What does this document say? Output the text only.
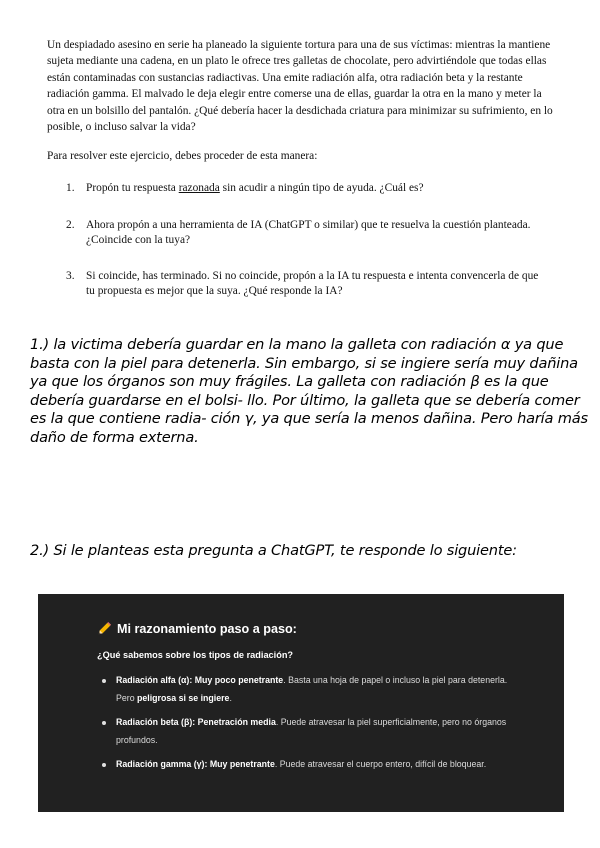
Un despiadado asesino en serie ha planeado la siguiente tortura para una de sus víctimas: mientras la mantiene sujeta mediante una cadena, en un plato le ofrece tres galletas de chocolate, pero advirtiéndole que todas ellas están contaminadas con sustancias radiactivas. Una emite radiación alfa, otra radiación beta y la restante radiación gamma. El malvado le deja elegir entre comerse una de ellas, guardar la otra en la mano y meter la otra en un bolsillo del pantalón. ¿Qué debería hacer la desdichada criatura para minimizar su sufrimiento, en lo posible, o incluso salvar la vida?

Para resolver este ejercicio, debes proceder de esta manera:

1. Propón tu respuesta razonada sin acudir a ningún tipo de ayuda. ¿Cuál es?
2. Ahora propón a una herramienta de IA (ChatGPT o similar) que te resuelva la cuestión planteada. ¿Coincide con la tuya?
3. Si coincide, has terminado. Si no coincide, propón a la IA tu respuesta e intenta convencerla de que tu propuesta es mejor que la suya. ¿Qué responde la IA?

1.) la victima debería guardar en la mano la galleta con radiación α ya que basta con la piel para detenerla. Sin embargo, si se ingiere sería muy dañina ya que los órganos son muy frágiles. La galleta con radiación β es la que debería guardarse en el bolsi- llo. Por último, la galleta que se debería comer es la que contiene radia- ción γ, ya que sería la menos dañina. Pero haría más daño de forma externa.

2.) Si le planteas esta pregunta a ChatGPT, te responde lo siguiente:

Mi razonamiento paso a paso:
¿Qué sabemos sobre los tipos de radiación?
Radiación alfa (α): Muy poco penetrante. Basta una hoja de papel o incluso la piel para detenerla. Pero peligrosa si se ingiere.
Radiación beta (β): Penetración media. Puede atravesar la piel superficialmente, pero no órganos profundos.
Radiación gamma (γ): Muy penetrante. Puede atravesar el cuerpo entero, difícil de bloquear.
